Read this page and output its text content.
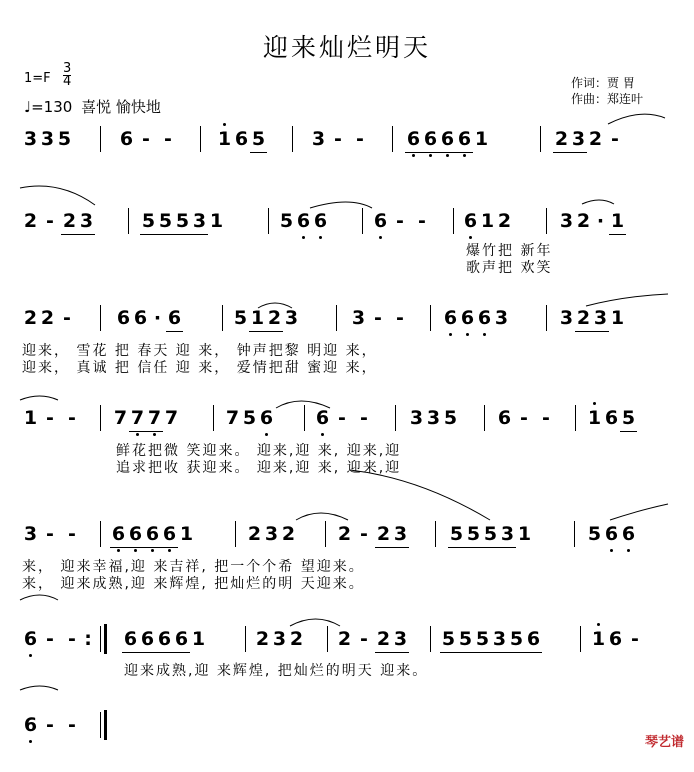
迎来灿烂明天
1=F
3
4
♩=130 喜悦 愉快地
作词：贾 胃
作曲：郑连叶
3 3 5	6 - -	1 6 5 3 - -	6 6 6 6 1	2 3 2 -
2 - 2 3	5 5 5 3 1	5 6 6 6 - -	6 1 2	3 2 · 1
爆竹把 新年
歌声把 欢笑
2 2 -	6 6 · 6	5 1 2 3	3 - -	6 6 6 3	3 2 3 1
迎来， 雪花 把 春天 迎 来， 钟声把黎 明迎 来，
迎来， 真诚 把 信任 迎 来， 爱情把甜 蜜迎 来，
1 - -	7 7 7 7	7 5 6 6 - -	3 3 5 6 - -	1 6 5
鲜花把微 笑迎来。 迎来,迎 来, 迎来,迎
追求把收 获迎来。 迎来,迎 来, 迎来,迎
3 - -	6 6 6 6 1	2 3 2 2 - 2 3 5 5 5 3 1	5 6 6
来， 迎来幸福,迎 来吉祥, 把一个个希 望迎来。
来， 迎来成熟,迎 来辉煌, 把灿烂的明 天迎来。
6 - - : 6 6 6 6 1	2 3 2 2 - 2 3 5 5 5 3 5 6	1 6 -
迎来成熟,迎 来辉煌, 把灿烂的明天 迎来。
6 - -
琴艺谱
